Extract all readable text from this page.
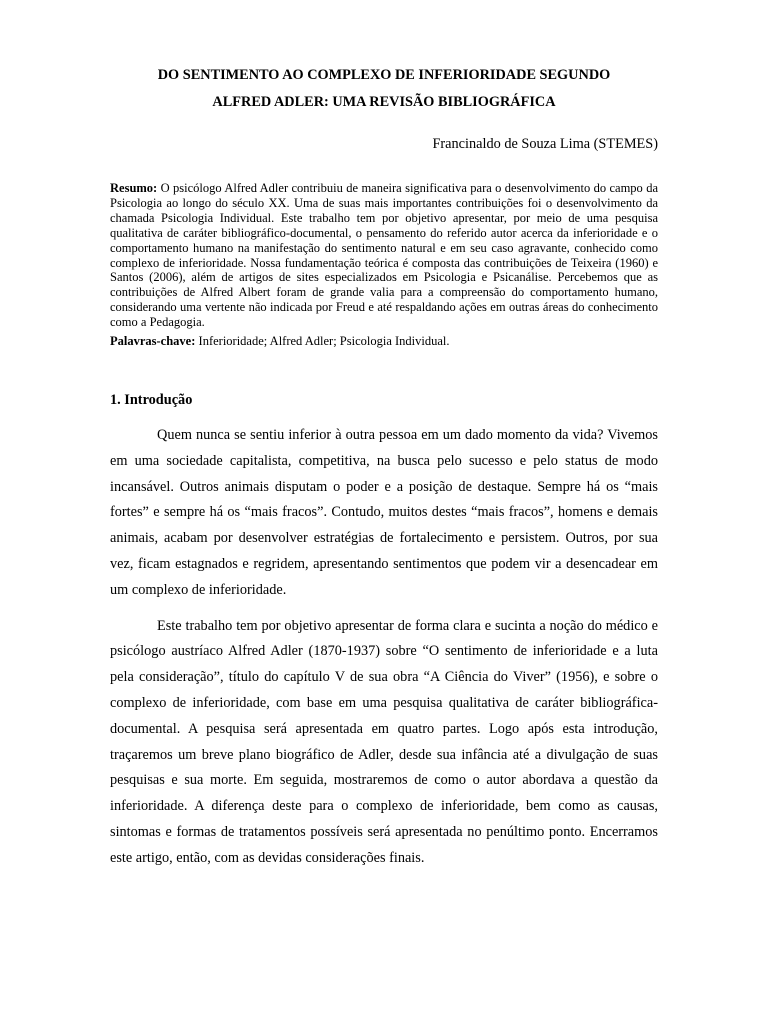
DO SENTIMENTO AO COMPLEXO DE INFERIORIDADE SEGUNDO
ALFRED ADLER: UMA REVISÃO BIBLIOGRÁFICA

Francinaldo de Souza Lima (STEMES)

Resumo: O psicólogo Alfred Adler contribuiu de maneira significativa para o desenvolvimento do campo da Psicologia ao longo do século XX. Uma de suas mais importantes contribuições foi o desenvolvimento da chamada Psicologia Individual. Este trabalho tem por objetivo apresentar, por meio de uma pesquisa qualitativa de caráter bibliográfico-documental, o pensamento do referido autor acerca da inferioridade e o comportamento humano na manifestação do sentimento natural e em seu caso agravante, conhecido como complexo de inferioridade. Nossa fundamentação teórica é composta das contribuições de Teixeira (1960) e Santos (2006), além de artigos de sites especializados em Psicologia e Psicanálise. Percebemos que as contribuições de Alfred Albert foram de grande valia para a compreensão do comportamento humano, considerando uma vertente não indicada por Freud e até respaldando ações em outras áreas do conhecimento como a Pedagogia.

Palavras-chave: Inferioridade; Alfred Adler; Psicologia Individual.

1. Introdução

Quem nunca se sentiu inferior à outra pessoa em um dado momento da vida? Vivemos em uma sociedade capitalista, competitiva, na busca pelo sucesso e pelo status de modo incansável. Outros animais disputam o poder e a posição de destaque. Sempre há os “mais fortes” e sempre há os “mais fracos”. Contudo, muitos destes “mais fracos”, homens e demais animais, acabam por desenvolver estratégias de fortalecimento e persistem. Outros, por sua vez, ficam estagnados e regridem, apresentando sentimentos que podem vir a desencadear em um complexo de inferioridade.

Este trabalho tem por objetivo apresentar de forma clara e sucinta a noção do médico e psicólogo austríaco Alfred Adler (1870-1937) sobre “O sentimento de inferioridade e a luta pela consideração”, título do capítulo V de sua obra “A Ciência do Viver” (1956), e sobre o complexo de inferioridade, com base em uma pesquisa qualitativa de caráter bibliográfica-documental. A pesquisa será apresentada em quatro partes. Logo após esta introdução, traçaremos um breve plano biográfico de Adler, desde sua infância até a divulgação de suas pesquisas e sua morte. Em seguida, mostraremos de como o autor abordava a questão da inferioridade. A diferença deste para o complexo de inferioridade, bem como as causas, sintomas e formas de tratamentos possíveis será apresentada no penúltimo ponto. Encerramos este artigo, então, com as devidas considerações finais.
